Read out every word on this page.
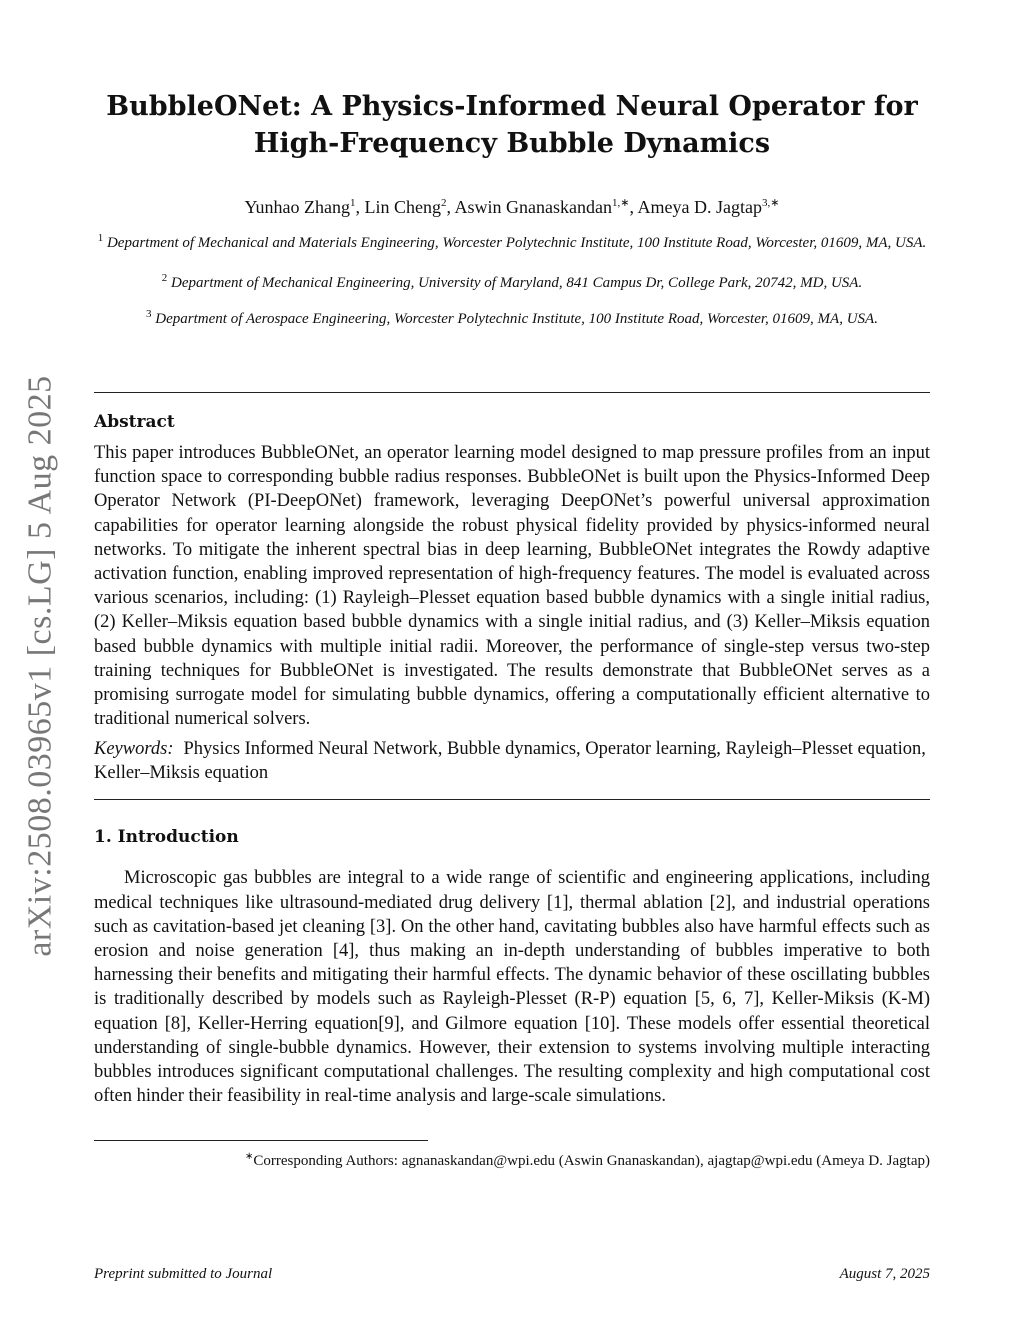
arXiv:2508.03965v1 [cs.LG] 5 Aug 2025
BubbleONet: A Physics-Informed Neural Operator for
High-Frequency Bubble Dynamics
Yunhao Zhang$^1$, Lin Cheng$^2$, Aswin Gnanaskandan$^{1,∗}$, Ameya D. Jagtap$^{3,∗}$
$^1$ Department of Mechanical and Materials Engineering, Worcester Polytechnic Institute, 100 Institute Road, Worcester, 01609, MA, USA.
$^2$ Department of Mechanical Engineering, University of Maryland, 841 Campus Dr, College Park, 20742, MD, USA.
$^3$ Department of Aerospace Engineering, Worcester Polytechnic Institute, 100 Institute Road, Worcester, 01609, MA, USA.
Abstract
This paper introduces BubbleONet, an operator learning model designed to map pressure profiles from an input function space to corresponding bubble radius responses. BubbleONet is built upon the Physics-Informed Deep Operator Network (PI-DeepONet) framework, leveraging DeepONet’s powerful universal approximation capabilities for operator learning alongside the robust physical fidelity provided by physics-informed neural networks. To mitigate the inherent spectral bias in deep learning, BubbleONet integrates the Rowdy adaptive activation function, enabling improved representation of high-frequency features. The model is evaluated across various scenarios, including: (1) Rayleigh–Plesset equation based bubble dynamics with a single initial radius, (2) Keller–Miksis equation based bubble dynamics with a single initial radius, and (3) Keller–Miksis equation based bubble dynamics with multiple initial radii. Moreover, the performance of single-step versus two-step training techniques for BubbleONet is investigated. The results demonstrate that BubbleONet serves as a promising surrogate model for simulating bubble dynamics, offering a computationally efficient alternative to traditional numerical solvers.
Keywords: Physics Informed Neural Network, Bubble dynamics, Operator learning, Rayleigh–Plesset equation, Keller–Miksis equation
1. Introduction
Microscopic gas bubbles are integral to a wide range of scientific and engineering applications, including medical techniques like ultrasound-mediated drug delivery [1], thermal ablation [2], and industrial operations such as cavitation-based jet cleaning [3]. On the other hand, cavitating bubbles also have harmful effects such as erosion and noise generation [4], thus making an in-depth understanding of bubbles imperative to both harnessing their benefits and mitigating their harmful effects. The dynamic behavior of these oscillating bubbles is traditionally described by models such as Rayleigh-Plesset (R-P) equation [5, 6, 7], Keller-Miksis (K-M) equation [8], Keller-Herring equation[9], and Gilmore equation [10]. These models offer essential theoretical understanding of single-bubble dynamics. However, their extension to systems involving multiple interacting bubbles introduces significant computational challenges. The resulting complexity and high computational cost often hinder their feasibility in real-time analysis and large-scale simulations.
∗Corresponding Authors: agnanaskandan@wpi.edu (Aswin Gnanaskandan), ajagtap@wpi.edu (Ameya D. Jagtap)
Preprint submitted to Journal	August 7, 2025
